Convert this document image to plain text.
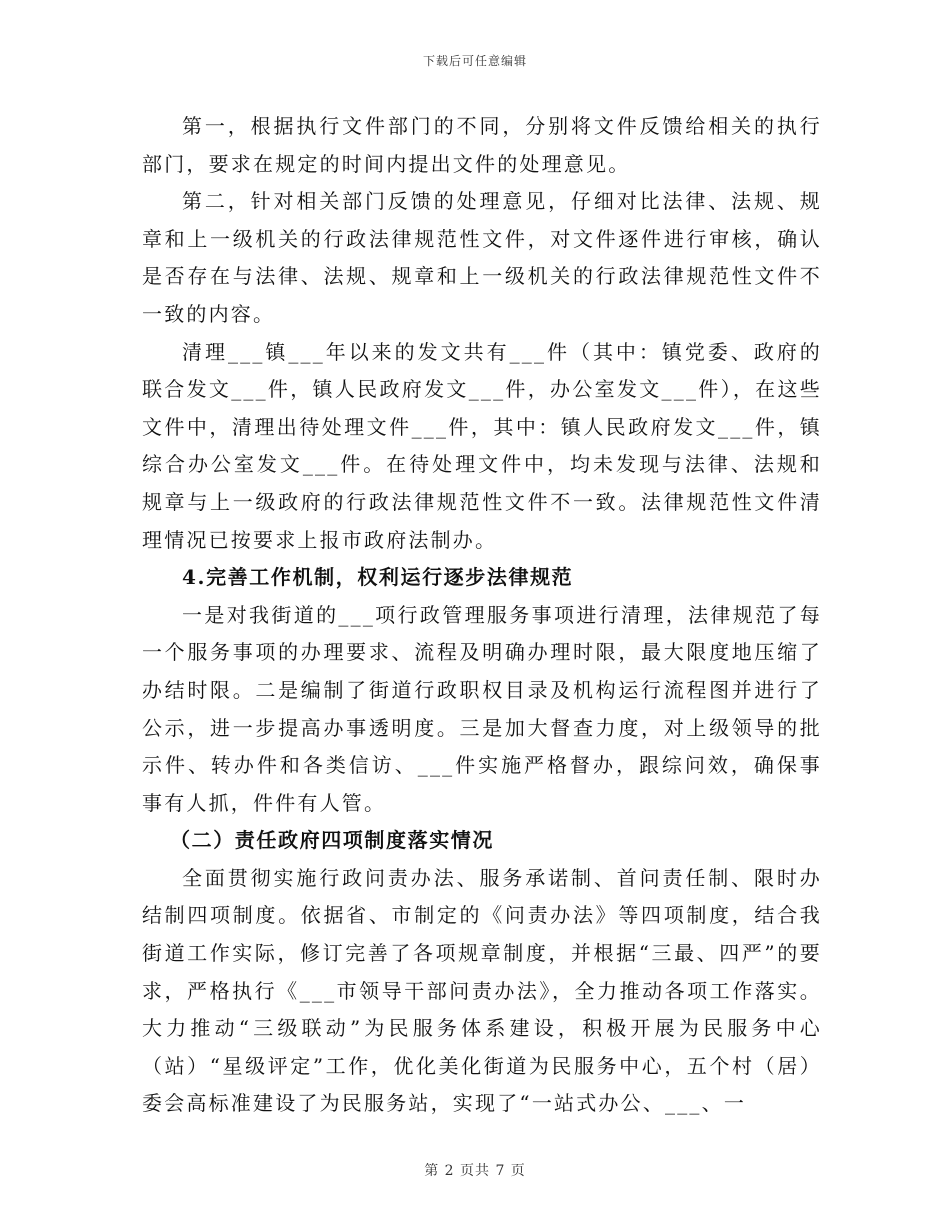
下载后可任意编辑

第一，根据执行文件部门的不同，分别将文件反馈给相关的执行部门，要求在规定的时间内提出文件的处理意见。

第二，针对相关部门反馈的处理意见，仔细对比法律、法规、规章和上一级机关的行政法律规范性文件，对文件逐件进行审核，确认是否存在与法律、法规、规章和上一级机关的行政法律规范性文件不一致的内容。

清理___镇___年以来的发文共有___件（其中：镇党委、政府的联合发文___件，镇人民政府发文___件，办公室发文___件），在这些文件中，清理出待处理文件___件，其中：镇人民政府发文___件，镇综合办公室发文___件。在待处理文件中，均未发现与法律、法规和规章与上一级政府的行政法律规范性文件不一致。法律规范性文件清理情况已按要求上报市政府法制办。

4.完善工作机制，权利运行逐步法律规范

一是对我街道的___项行政管理服务事项进行清理，法律规范了每一个服务事项的办理要求、流程及明确办理时限，最大限度地压缩了办结时限。二是编制了街道行政职权目录及机构运行流程图并进行了公示，进一步提高办事透明度。三是加大督查力度，对上级领导的批示件、转办件和各类信访、___件实施严格督办，跟综问效，确保事事有人抓，件件有人管。

（二）责任政府四项制度落实情况

全面贯彻实施行政问责办法、服务承诺制、首问责任制、限时办结制四项制度。依据省、市制定的《问责办法》等四项制度，结合我街道工作实际，修订完善了各项规章制度，并根据“三最、四严”的要求，严格执行《___市领导干部问责办法》，全力推动各项工作落实。大力推动“三级联动”为民服务体系建设，积极开展为民服务中心（站）“星级评定”工作，优化美化街道为民服务中心，五个村（居）委会高标准建设了为民服务站，实现了“一站式办公、___、一

第 2 页共 7 页
